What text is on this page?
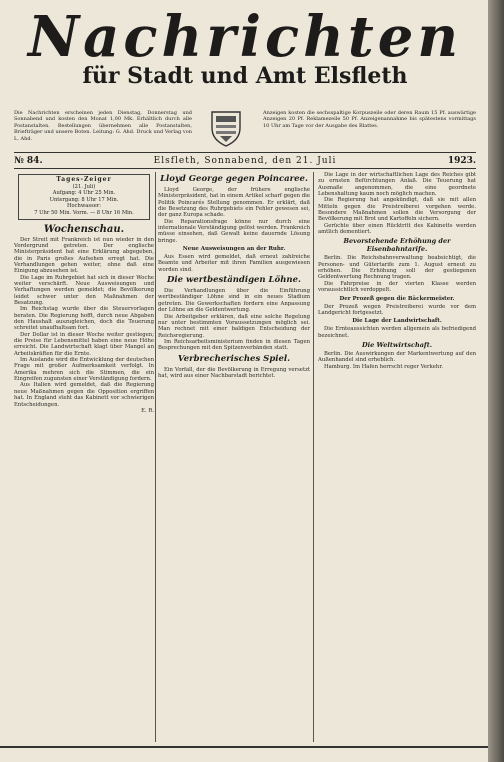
Nachrichten
für Stadt und Amt Elsfleth
Die Nachrichten erscheinen jeden Dienstag, Donnerstag und Sonnabend und kosten den Monat 1,00 Mk. Erhältlich durch alle Postanstalten. Bestellungen übernehmen alle Postanstalten, Briefträger und unsere Boten. Leitung: G. Ahd. Druck und Verlag von L. Ahd.
Anzeigen kosten die sechsspaltige Korpuszeile oder deren Raum 15 Pf. auswärtige Anzeigen 20 Pf. Reklamezeile 50 Pf. Anzeigenannahme bis spätestens vormittags 10 Uhr am Tage vor der Ausgabe des Blattes.
№ 84.	Elsfleth, Sonnabend, den 21. Juli	1923.
Tages-Zeiger
(21. Juli)
Aufgang: 4 Uhr 25 Min.
Untergang: 8 Uhr 17 Min.
Hochwasser:
7 Uhr 50 Min. Vorm. — 8 Uhr 16 Min.
Wochenschau.

Der Streit mit Frankreich ist nun wieder in den Vordergrund getreten. Der englische Ministerpräsident hat eine Erklärung abgegeben, die in Paris großes Aufsehen erregt hat. Die Verhandlungen gehen weiter, ohne daß eine Einigung abzusehen ist.

Die Lage im Ruhrgebiet hat sich in dieser Woche weiter verschärft. Neue Ausweisungen und Verhaftungen werden gemeldet; die Bevölkerung leidet schwer unter den Maßnahmen der Besatzung.

Im Reichstag wurde über die Steuervorlagen beraten. Die Regierung hofft, durch neue Abgaben den Haushalt auszugleichen, doch die Teuerung schreitet unaufhaltsam fort.

Der Dollar ist in dieser Woche weiter gestiegen; die Preise für Lebensmittel haben eine neue Höhe erreicht. Die Landwirtschaft klagt über Mangel an Arbeitskräften für die Ernte.

Im Auslande wird die Entwicklung der deutschen Frage mit großer Aufmerksamkeit verfolgt. In Amerika mehren sich die Stimmen, die ein Eingreifen zugunsten einer Verständigung fordern.

Aus Italien wird gemeldet, daß die Regierung neue Maßnahmen gegen die Opposition ergriffen hat. In England steht das Kabinett vor schwierigen Entscheidungen.

E. R.

Lloyd George gegen Poincaree.

Lloyd George, der frühere englische Ministerpräsident, hat in einem Artikel scharf gegen die Politik Poincarés Stellung genommen. Er erklärt, daß die Besetzung des Ruhrgebiets ein Fehler gewesen sei, der ganz Europa schade.

Die Reparationsfrage könne nur durch eine internationale Verständigung gelöst werden. Frankreich müsse einsehen, daß Gewalt keine dauernde Lösung bringe.

Neue Ausweisungen an der Ruhr.

Aus Essen wird gemeldet, daß erneut zahlreiche Beamte und Arbeiter mit ihren Familien ausgewiesen worden sind.

Die wertbeständigen Löhne.

Die Verhandlungen über die Einführung wertbeständiger Löhne sind in ein neues Stadium getreten. Die Gewerkschaften fordern eine Anpassung der Löhne an die Geldentwertung.

Die Arbeitgeber erklären, daß eine solche Regelung nur unter bestimmten Voraussetzungen möglich sei. Man rechnet mit einer baldigen Entscheidung der Reichsregierung.

Im Reichsarbeitsministerium finden in diesen Tagen Besprechungen mit den Spitzenverbänden statt.

Verbrecherisches Spiel.

Ein Vorfall, der die Bevölkerung in Erregung versetzt hat, wird aus einer Nachbarstadt berichtet.

Die Lage in der wirtschaftlichen Lage des Reiches gibt zu ernsten Befürchtungen Anlaß. Die Teuerung hat Ausmaße angenommen, die eine geordnete Lebenshaltung kaum noch möglich machen.

Die Regierung hat angekündigt, daß sie mit allen Mitteln gegen die Preistreiberei vorgehen werde. Besondere Maßnahmen sollen die Versorgung der Bevölkerung mit Brot und Kartoffeln sichern.

Gerüchte über einen Rücktritt des Kabinetts werden amtlich dementiert.

Bevorstehende Erhöhung der Eisenbahntarife.

Berlin. Die Reichsbahnverwaltung beabsichtigt, die Personen- und Gütertarife zum 1. August erneut zu erhöhen. Die Erhöhung soll der gestiegenen Geldentwertung Rechnung tragen.

Die Fahrpreise in der vierten Klasse werden voraussichtlich verdoppelt.

Der Prozeß gegen die Bäckermeister.

Der Prozeß wegen Preistreiberei wurde vor dem Landgericht fortgesetzt.

Die Lage der Landwirtschaft.

Die Ernteaussichten werden allgemein als befriedigend bezeichnet.

Die Weltwirtschaft.

Berlin. Die Auswirkungen der Markentwertung auf den Außenhandel sind erheblich.

Hamburg. Im Hafen herrscht reger Verkehr.
